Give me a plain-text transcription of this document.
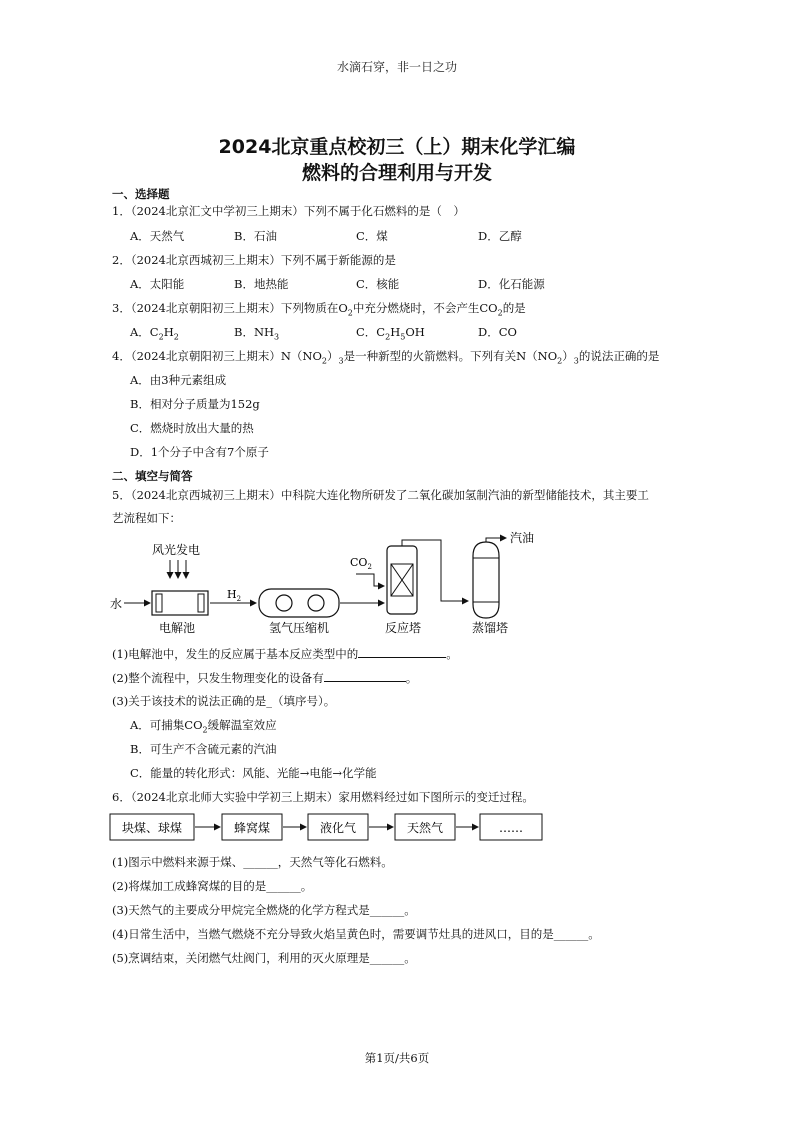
水滴石穿，非一日之功
2024北京重点校初三（上）期末化学汇编
燃料的合理利用与开发
一、选择题
1．（2024北京汇文中学初三上期末）下列不属于化石燃料的是（　）
A．天然气	B．石油	C．煤	D．乙醇
2．（2024北京西城初三上期末）下列不属于新能源的是
A．太阳能	B．地热能	C．核能	D．化石能源
3．（2024北京朝阳初三上期末）下列物质在$O_2$中充分燃烧时，不会产生$CO_2$的是
A．$C_2H_2$	B．$NH_3$	C．$C_2H_5OH$	D．CO
4．（2024北京朝阳初三上期末）$N(NO_2)_3$是一种新型的火箭燃料。下列有关$N(NO_2)_3$的说法正确的是
A．由3种元素组成
B．相对分子质量为152g
C．燃烧时放出大量的热
D．1个分子中含有7个原子
二、填空与简答
5．（2024北京西城初三上期末）中科院大连化物所研发了二氧化碳加氢制汽油的新型储能技术，其主要工
艺流程如下：
风光发电
水
电解池
$H_2$
氢气压缩机
$CO_2$
反应塔	蒸馏塔
汽油
(1)电解池中，发生的反应属于基本反应类型中的	。
(2)整个流程中，只发生物理变化的设备有	。
(3)关于该技术的说法正确的是_（填序号）。
A．可捕集$CO_2$缓解温室效应
B．可生产不含硫元素的汽油
C．能量的转化形式：风能、光能→电能→化学能
6．（2024北京北师大实验中学初三上期末）家用燃料经过如下图所示的变迁过程。
块煤、球煤	蜂窝煤	液化气	天然气	……
(1)图示中燃料来源于煤、______，天然气等化石燃料。
(2)将煤加工成蜂窝煤的目的是______。
(3)天然气的主要成分甲烷完全燃烧的化学方程式是______。
(4)日常生活中，当燃气燃烧不充分导致火焰呈黄色时，需要调节灶具的进风口，目的是______。
(5)烹调结束，关闭燃气灶阀门，利用的灭火原理是______。
第1页/共6页
